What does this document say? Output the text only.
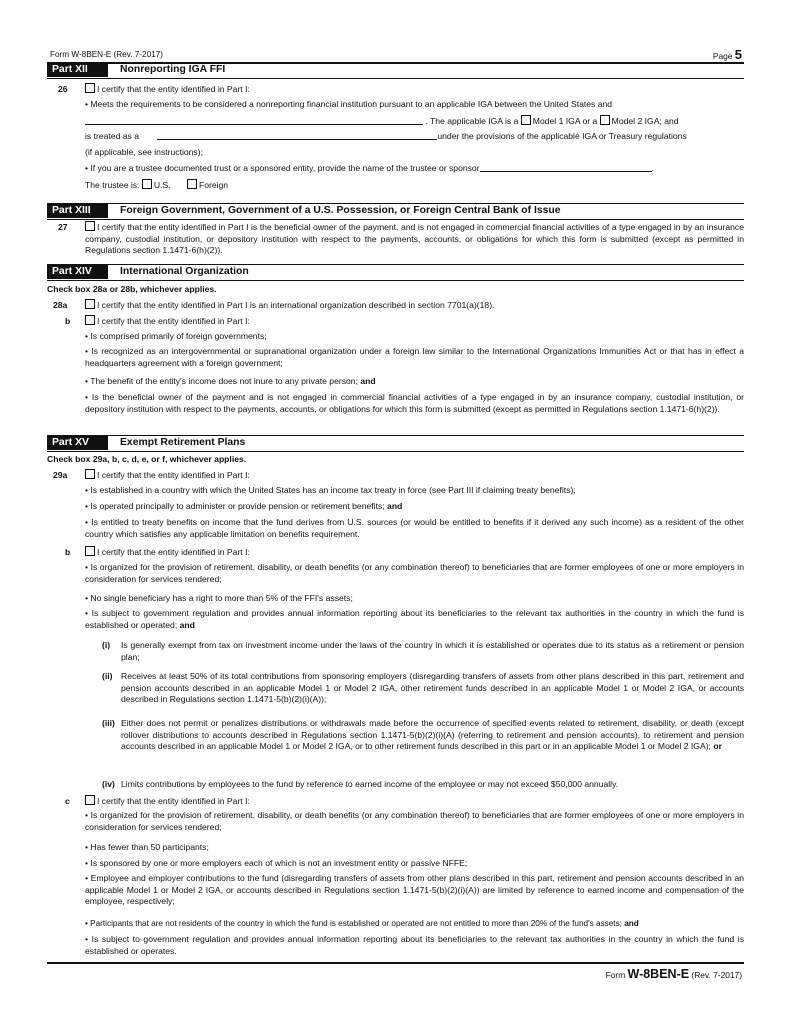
Form W-8BEN-E (Rev. 7-2017)	Page 5
Part XII	Nonreporting IGA FFI
26	I certify that the entity identified in Part I:
• Meets the requirements to be considered a nonreporting financial institution pursuant to an applicable IGA between the United States and
. The applicable IGA is a Model 1 IGA or a Model 2 IGA; and
is treated as a	under the provisions of the applicable IGA or Treasury regulations
(if applicable, see instructions);
• If you are a trustee documented trust or a sponsored entity, provide the name of the trustee or sponsor	.
The trustee is: U.S.	Foreign
Part XIII	Foreign Government, Government of a U.S. Possession, or Foreign Central Bank of Issue
27	I certify that the entity identified in Part I is the beneficial owner of the payment, and is not engaged in commercial financial activities of a type engaged in by an insurance company, custodial institution, or depository institution with respect to the payments, accounts, or obligations for which this form is submitted (except as permitted in Regulations section 1.1471-6(h)(2)).
Part XIV	International Organization
Check box 28a or 28b, whichever applies.
28a	I certify that the entity identified in Part I is an international organization described in section 7701(a)(18).
b	I certify that the entity identified in Part I:
• Is comprised primarily of foreign governments;
• Is recognized as an intergovernmental or supranational organization under a foreign law similar to the International Organizations Immunities Act or that has in effect a headquarters agreement with a foreign government;
• The benefit of the entity's income does not inure to any private person; and
• Is the beneficial owner of the payment and is not engaged in commercial financial activities of a type engaged in by an insurance company, custodial institution, or depository institution with respect to the payments, accounts, or obligations for which this form is submitted (except as permitted in Regulations section 1.1471-6(h)(2)).
Part XV	Exempt Retirement Plans
Check box 29a, b, c, d, e, or f, whichever applies.
29a	I certify that the entity identified in Part I:
• Is established in a country with which the United States has an income tax treaty in force (see Part III if claiming treaty benefits);
• Is operated principally to administer or provide pension or retirement benefits; and
• Is entitled to treaty benefits on income that the fund derives from U.S. sources (or would be entitled to benefits if it derived any such income) as a resident of the other country which satisfies any applicable limitation on benefits requirement.
b	I certify that the entity identified in Part I:
• Is organized for the provision of retirement, disability, or death benefits (or any combination thereof) to beneficiaries that are former employees of one or more employers in consideration for services rendered;
• No single beneficiary has a right to more than 5% of the FFI's assets;
• Is subject to government regulation and provides annual information reporting about its beneficiaries to the relevant tax authorities in the country in which the fund is established or operated; and
(i) Is generally exempt from tax on investment income under the laws of the country in which it is established or operates due to its status as a retirement or pension plan;
(ii) Receives at least 50% of its total contributions from sponsoring employers (disregarding transfers of assets from other plans described in this part, retirement and pension accounts described in an applicable Model 1 or Model 2 IGA, other retirement funds described in an applicable Model 1 or Model 2 IGA, or accounts described in Regulations section 1.1471-5(b)(2)(i)(A));
(iii) Either does not permit or penalizes distributions or withdrawals made before the occurrence of specified events related to retirement, disability, or death (except rollover distributions to accounts described in Regulations section 1.1471-5(b)(2)(i)(A) (referring to retirement and pension accounts), to retirement and pension accounts described in an applicable Model 1 or Model 2 IGA, or to other retirement funds described in this part or in an applicable Model 1 or Model 2 IGA); or
(iv) Limits contributions by employees to the fund by reference to earned income of the employee or may not exceed $50,000 annually.
c	I certify that the entity identified in Part I:
• Is organized for the provision of retirement, disability, or death benefits (or any combination thereof) to beneficiaries that are former employees of one or more employers in consideration for services rendered;
• Has fewer than 50 participants;
• Is sponsored by one or more employers each of which is not an investment entity or passive NFFE;
• Employee and employer contributions to the fund (disregarding transfers of assets from other plans described in this part, retirement and pension accounts described in an applicable Model 1 or Model 2 IGA, or accounts described in Regulations section 1.1471-5(b)(2)(i)(A)) are limited by reference to earned income and compensation of the employee, respectively;
• Participants that are not residents of the country in which the fund is established or operated are not entitled to more than 20% of the fund's assets; and
• Is subject to government regulation and provides annual information reporting about its beneficiaries to the relevant tax authorities in the country in which the fund is established or operates.
Form W-8BEN-E (Rev. 7-2017)
